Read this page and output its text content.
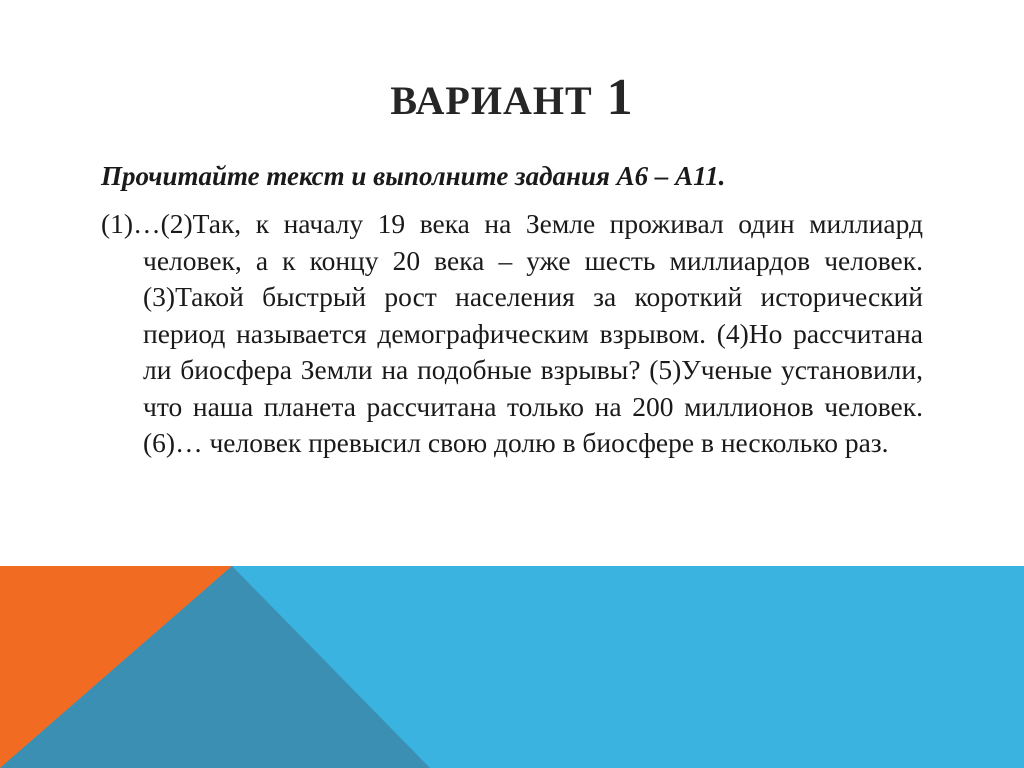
ВАРИАНТ 1

Прочитайте текст и выполните задания А6 – А11.

(1)…(2)Так, к началу 19 века на Земле проживал один миллиард человек, а к концу 20 века – уже шесть миллиардов человек. (3)Такой быстрый рост населения за короткий исторический период называется демографическим взрывом. (4)Но рассчитана ли биосфера Земли на подобные взрывы? (5)Ученые установили, что наша планета рассчитана только на 200 миллионов человек. (6)… человек превысил свою долю в биосфере в несколько раз.
